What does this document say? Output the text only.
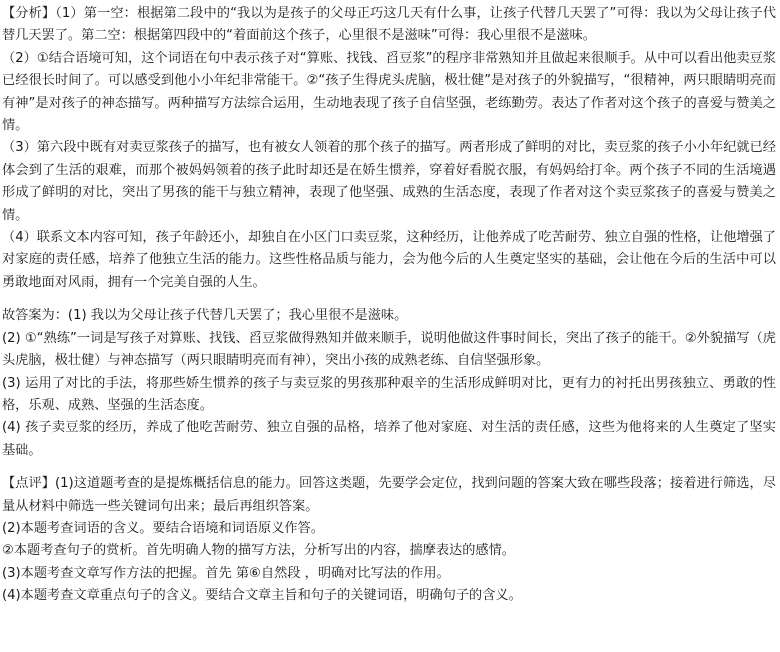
【分析】（1）第一空：根据第二段中的“我以为是孩子的父母正巧这几天有什么事，让孩子代替几天罢了”可得：我以为父母让孩子代替几天罢了。第二空：根据第四段中的“着面前这个孩子，心里很不是滋味”可得：我心里很不是滋味。

（2）①结合语境可知，这个词语在句中表示孩子对“算账、找钱、舀豆浆”的程序非常熟知并且做起来很顺手。从中可以看出他卖豆浆已经很长时间了。可以感受到他小小年纪非常能干。②“孩子生得虎头虎脑，极壮健”是对孩子的外貌描写，“很精神，两只眼睛明亮而有神”是对孩子的神态描写。两种描写方法综合运用，生动地表现了孩子自信坚强，老练勤劳。表达了作者对这个孩子的喜爱与赞美之情。

（3）第六段中既有对卖豆浆孩子的描写，也有被女人领着的那个孩子的描写。两者形成了鲜明的对比，卖豆浆的孩子小小年纪就已经体会到了生活的艰难，而那个被妈妈领着的孩子此时却还是在娇生惯养，穿着好看脱衣服，有妈妈给打伞。两个孩子不同的生活境遇形成了鲜明的对比，突出了男孩的能干与独立精神，表现了他坚强、成熟的生活态度，表现了作者对这个卖豆浆孩子的喜爱与赞美之情。

（4）联系文本内容可知，孩子年龄还小，却独自在小区门口卖豆浆，这种经历，让他养成了吃苦耐劳、独立自强的性格，让他增强了对家庭的责任感，培养了他独立生活的能力。这些性格品质与能力，会为他今后的人生奠定坚实的基础，会让他在今后的生活中可以勇敢地面对风雨，拥有一个完美自强的人生。

故答案为：(1) 我以为父母让孩子代替几天罢了；我心里很不是滋味。

(2) ①“熟练”一词是写孩子对算账、找钱、舀豆浆做得熟知并做来顺手，说明他做这件事时间长，突出了孩子的能干。②外貌描写（虎头虎脑，极壮健）与神态描写（两只眼睛明亮而有神），突出小孩的成熟老练、自信坚强形象。

(3) 运用了对比的手法，将那些娇生惯养的孩子与卖豆浆的男孩那种艰辛的生活形成鲜明对比，更有力的衬托出男孩独立、勇敢的性格，乐观、成熟、坚强的生活态度。

(4) 孩子卖豆浆的经历，养成了他吃苦耐劳、独立自强的品格，培养了他对家庭、对生活的责任感，这些为他将来的人生奠定了坚实基础。

【点评】(1)这道题考查的是提炼概括信息的能力。回答这类题，先要学会定位，找到问题的答案大致在哪些段落；接着进行筛选，尽量从材料中筛选一些关键词句出来；最后再组织答案。

(2)本题考查词语的含义。要结合语境和词语原义作答。

②本题考查句子的赏析。首先明确人物的描写方法，分析写出的内容，揣摩表达的感情。

(3)本题考查文章写作方法的把握。首先 第⑥自然段 ，明确对比写法的作用。

(4)本题考查文章重点句子的含义。要结合文章主旨和句子的关键词语，明确句子的含义。
